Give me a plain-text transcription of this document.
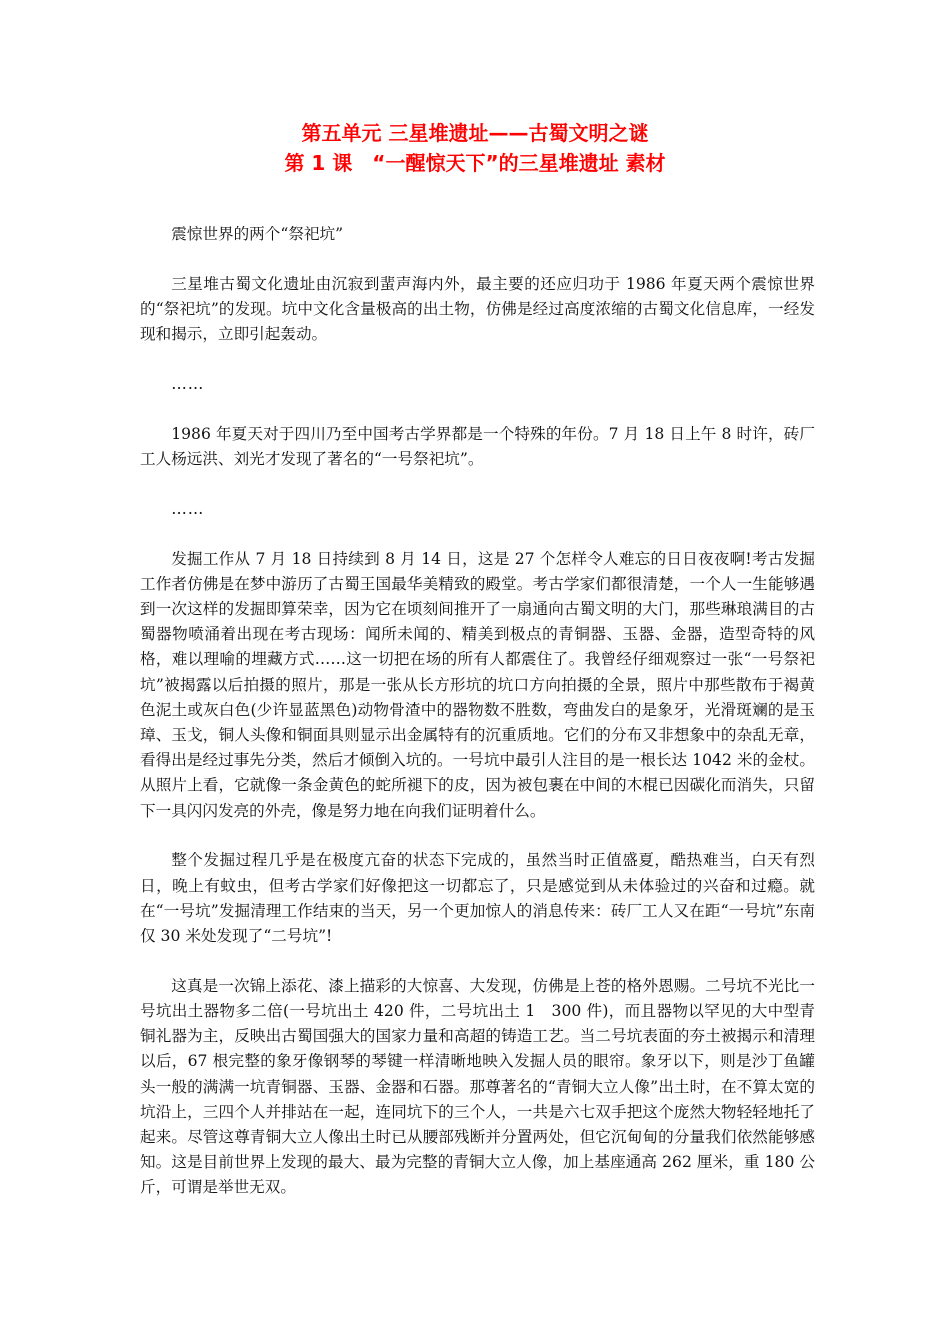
第五单元 三星堆遗址——古蜀文明之谜
第 1 课　“一醒惊天下”的三星堆遗址 素材

震惊世界的两个“祭祀坑”

三星堆古蜀文化遗址由沉寂到蜚声海内外，最主要的还应归功于 1986 年夏天两个震惊世界的“祭祀坑”的发现。坑中文化含量极高的出土物，仿佛是经过高度浓缩的古蜀文化信息库，一经发现和揭示，立即引起轰动。

……

1986 年夏天对于四川乃至中国考古学界都是一个特殊的年份。7 月 18 日上午 8 时许，砖厂工人杨远洪、刘光才发现了著名的“一号祭祀坑”。

……

发掘工作从 7 月 18 日持续到 8 月 14 日，这是 27 个怎样令人难忘的日日夜夜啊!考古发掘工作者仿佛是在梦中游历了古蜀王国最华美精致的殿堂。考古学家们都很清楚，一个人一生能够遇到一次这样的发掘即算荣幸，因为它在顷刻间推开了一扇通向古蜀文明的大门，那些琳琅满目的古蜀器物喷涌着出现在考古现场：闻所未闻的、精美到极点的青铜器、玉器、金器，造型奇特的风格，难以理喻的埋藏方式……这一切把在场的所有人都震住了。我曾经仔细观察过一张“一号祭祀坑”被揭露以后拍摄的照片，那是一张从长方形坑的坑口方向拍摄的全景，照片中那些散布于褐黄色泥土或灰白色(少许显蓝黑色)动物骨渣中的器物数不胜数，弯曲发白的是象牙，光滑斑斓的是玉璋、玉戈，铜人头像和铜面具则显示出金属特有的沉重质地。它们的分布又非想象中的杂乱无章，看得出是经过事先分类，然后才倾倒入坑的。一号坑中最引人注目的是一根长达 1042 米的金杖。从照片上看，它就像一条金黄色的蛇所褪下的皮，因为被包裹在中间的木棍已因碳化而消失，只留下一具闪闪发亮的外壳，像是努力地在向我们证明着什么。

整个发掘过程几乎是在极度亢奋的状态下完成的，虽然当时正值盛夏，酷热难当，白天有烈日，晚上有蚊虫，但考古学家们好像把这一切都忘了，只是感觉到从未体验过的兴奋和过瘾。就在“一号坑”发掘清理工作结束的当天，另一个更加惊人的消息传来：砖厂工人又在距“一号坑”东南仅 30 米处发现了“二号坑”!

这真是一次锦上添花、漆上描彩的大惊喜、大发现，仿佛是上苍的格外恩赐。二号坑不光比一号坑出土器物多二倍(一号坑出土 420 件，二号坑出土 1　300 件)，而且器物以罕见的大中型青铜礼器为主，反映出古蜀国强大的国家力量和高超的铸造工艺。当二号坑表面的夯土被揭示和清理以后，67 根完整的象牙像钢琴的琴键一样清晰地映入发掘人员的眼帘。象牙以下，则是沙丁鱼罐头一般的满满一坑青铜器、玉器、金器和石器。那尊著名的“青铜大立人像”出土时，在不算太宽的坑沿上，三四个人并排站在一起，连同坑下的三个人，一共是六七双手把这个庞然大物轻轻地托了起来。尽管这尊青铜大立人像出土时已从腰部残断并分置两处，但它沉甸甸的分量我们依然能够感知。这是目前世界上发现的最大、最为完整的青铜大立人像，加上基座通高 262 厘米，重 180 公斤，可谓是举世无双。
